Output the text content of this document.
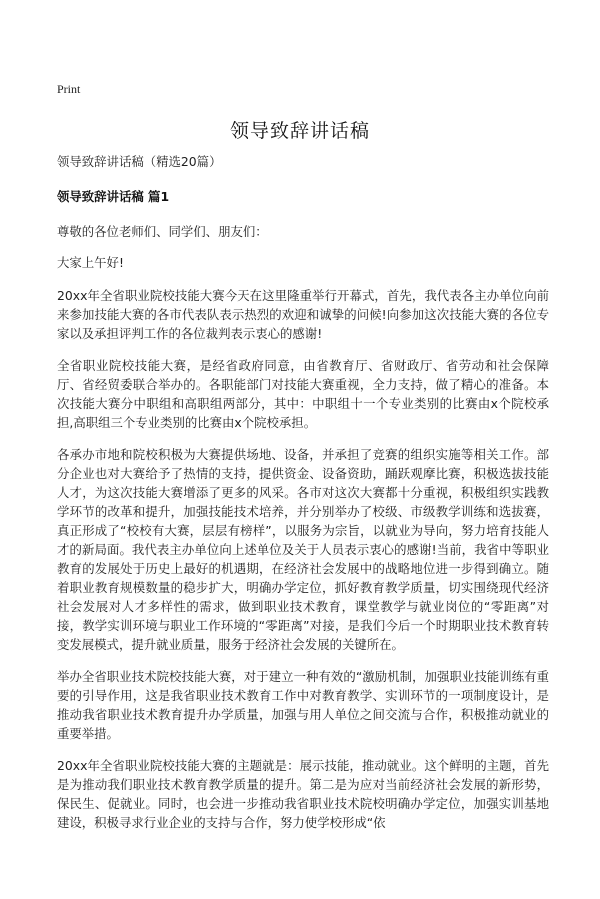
Print
领导致辞讲话稿

领导致辞讲话稿（精选20篇）

领导致辞讲话稿 篇1

尊敬的各位老师们、同学们、朋友们：

大家上午好!

20xx年全省职业院校技能大赛今天在这里隆重举行开幕式，首先，我代表各主办单位向前来参加技能大赛的各市代表队表示热烈的欢迎和诚挚的问候!向参加这次技能大赛的各位专家以及承担评判工作的各位裁判表示衷心的感谢!

全省职业院校技能大赛，是经省政府同意，由省教育厅、省财政厅、省劳动和社会保障厅、省经贸委联合举办的。各职能部门对技能大赛重视，全力支持，做了精心的准备。本次技能大赛分中职组和高职组两部分，其中：中职组十一个专业类别的比赛由x个院校承担,高职组三个专业类别的比赛由x个院校承担。

各承办市地和院校积极为大赛提供场地、设备，并承担了竞赛的组织实施等相关工作。部分企业也对大赛给予了热情的支持，提供资金、设备资助，踊跃观摩比赛，积极选拔技能人才，为这次技能大赛增添了更多的风采。各市对这次大赛都十分重视，积极组织实践教学环节的改革和提升，加强技能技术培养，并分别举办了校级、市级教学训练和选拔赛，真正形成了“校校有大赛，层层有榜样”，以服务为宗旨，以就业为导向，努力培育技能人才的新局面。我代表主办单位向上述单位及关于人员表示衷心的感谢!当前，我省中等职业教育的发展处于历史上最好的机遇期，在经济社会发展中的战略地位进一步得到确立。随着职业教育规模数量的稳步扩大，明确办学定位，抓好教育教学质量，切实围绕现代经济社会发展对人才多样性的需求，做到职业技术教育，课堂教学与就业岗位的“零距离”对接，教学实训环境与职业工作环境的“零距离”对接，是我们今后一个时期职业技术教育转变发展模式，提升就业质量，服务于经济社会发展的关键所在。

举办全省职业技术院校技能大赛，对于建立一种有效的“激励机制，加强职业技能训练有重要的引导作用，这是我省职业技术教育工作中对教育教学、实训环节的一项制度设计，是推动我省职业技术教育提升办学质量，加强与用人单位之间交流与合作，积极推动就业的重要举措。

20xx年全省职业院校技能大赛的主题就是：展示技能，推动就业。这个鲜明的主题，首先是为推动我们职业技术教育教学质量的提升。第二是为应对当前经济社会发展的新形势，保民生、促就业。同时，也会进一步推动我省职业技术院校明确办学定位，加强实训基地建设，积极寻求行业企业的支持与合作，努力使学校形成“依
